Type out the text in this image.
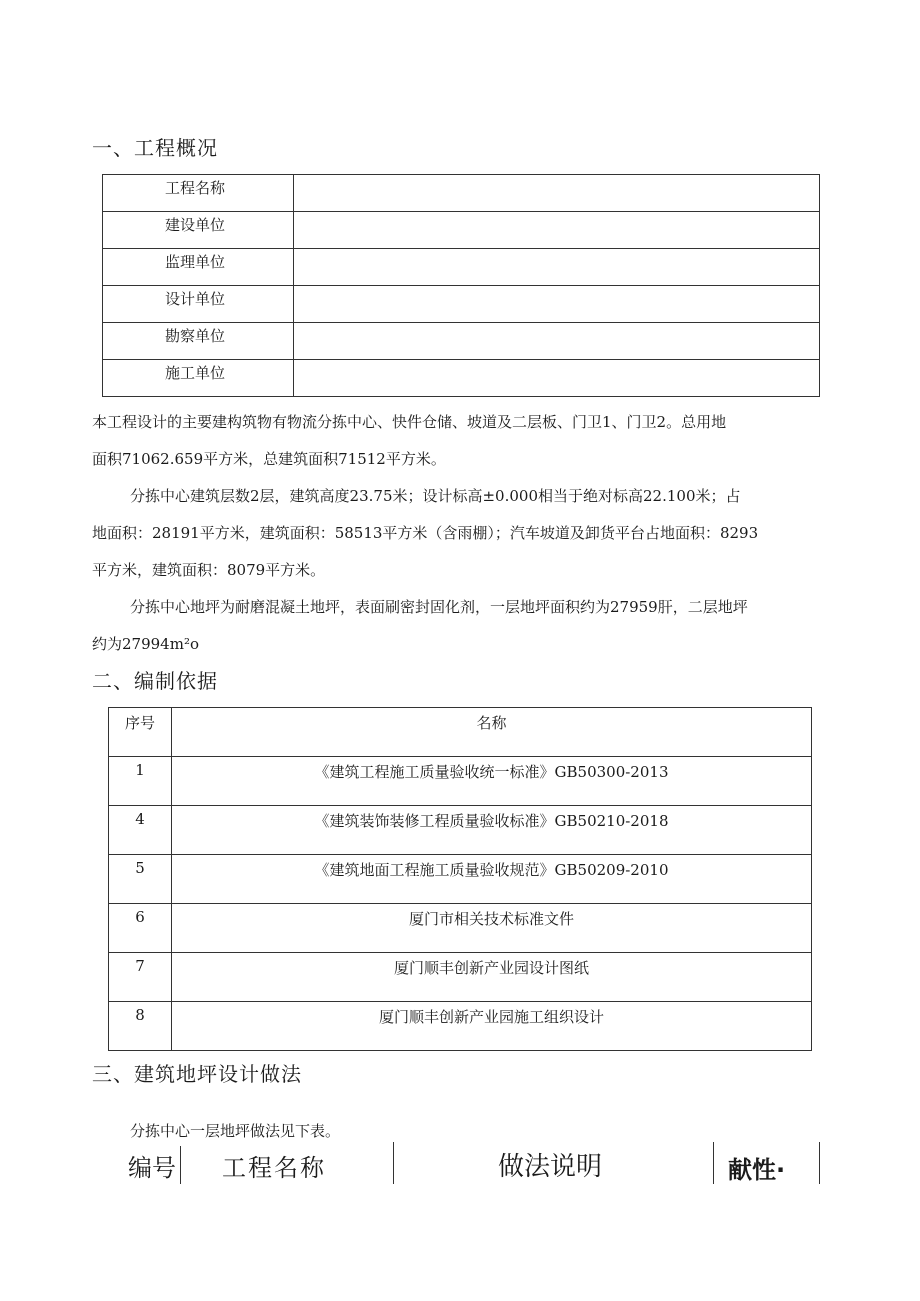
一、工程概况
工程名称	
建设单位	
监理单位	
设计单位	
勘察单位	
施工单位	
本工程设计的主要建构筑物有物流分拣中心、快件仓储、坡道及二层板、门卫1、门卫2。总用地
面积71062.659平方米，总建筑面积71512平方米。
分拣中心建筑层数2层，建筑高度23.75米；设计标高±0.000相当于绝对标高22.100米；占
地面积：28191平方米，建筑面积：58513平方米（含雨棚）；汽车坡道及卸货平台占地面积：8293
平方米，建筑面积：8079平方米。
分拣中心地坪为耐磨混凝土地坪，表面刷密封固化剂，一层地坪面积约为27959肝，二层地坪
约为27994m²o
二、编制依据
序号	名称
1	《建筑工程施工质量验收统一标准》GB50300-2013
4	《建筑装饰装修工程质量验收标准》GB50210-2018
5	《建筑地面工程施工质量验收规范》GB50209-2010
6	厦门市相关技术标准文件
7	厦门顺丰创新产业园设计图纸
8	厦门顺丰创新产业园施工组织设计
三、建筑地坪设计做法
分拣中心一层地坪做法见下表。
编号 工程名称	做法说明	献性·
